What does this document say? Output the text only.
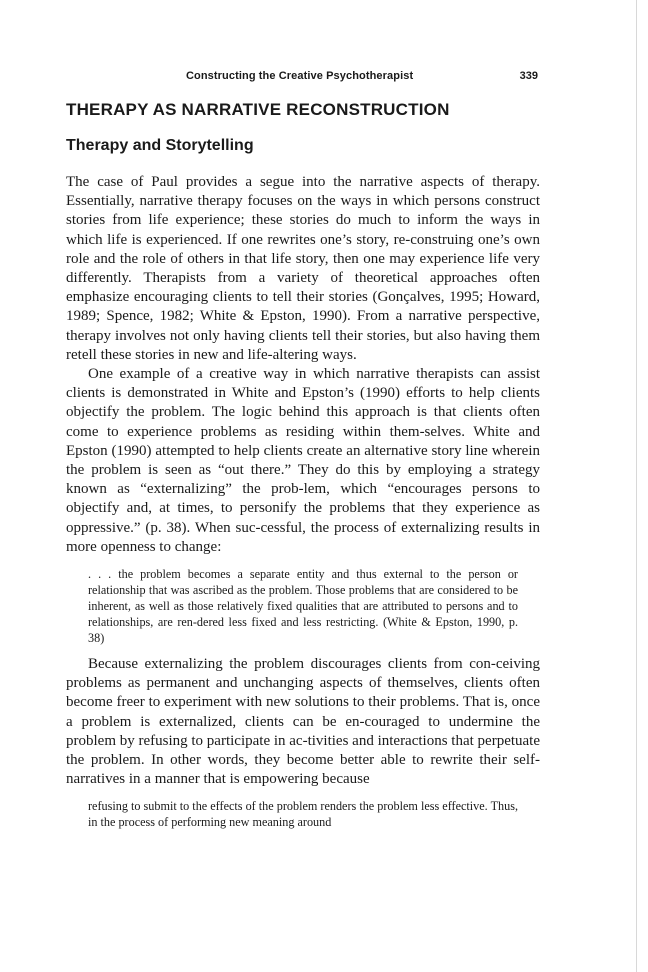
Constructing the Creative Psychotherapist	339
THERAPY AS NARRATIVE RECONSTRUCTION
Therapy and Storytelling

The case of Paul provides a segue into the narrative aspects of therapy. Essentially, narrative therapy focuses on the ways in which persons construct stories from life experience; these stories do much to inform the ways in which life is experienced. If one rewrites one’s story, re-construing one’s own role and the role of others in that life story, then one may experience life very differently. Therapists from a variety of theoretical approaches often emphasize encouraging clients to tell their stories (Gonçalves, 1995; Howard, 1989; Spence, 1982; White & Epston, 1990). From a narrative perspective, therapy involves not only having clients tell their stories, but also having them retell these stories in new and life-altering ways.

One example of a creative way in which narrative therapists can assist clients is demonstrated in White and Epston’s (1990) efforts to help clients objectify the problem. The logic behind this approach is that clients often come to experience problems as residing within them-selves. White and Epston (1990) attempted to help clients create an alternative story line wherein the problem is seen as “out there.” They do this by employing a strategy known as “externalizing” the prob-lem, which “encourages persons to objectify and, at times, to personify the problems that they experience as oppressive.” (p. 38). When suc-cessful, the process of externalizing results in more openness to change:

. . . the problem becomes a separate entity and thus external to the person or relationship that was ascribed as the problem. Those problems that are considered to be inherent, as well as those relatively fixed qualities that are attributed to persons and to relationships, are ren-dered less fixed and less restricting. (White & Epston, 1990, p. 38)

Because externalizing the problem discourages clients from con-ceiving problems as permanent and unchanging aspects of themselves, clients often become freer to experiment with new solutions to their problems. That is, once a problem is externalized, clients can be en-couraged to undermine the problem by refusing to participate in ac-tivities and interactions that perpetuate the problem. In other words, they become better able to rewrite their self-narratives in a manner that is empowering because

refusing to submit to the effects of the problem renders the problem less effective. Thus, in the process of performing new meaning around
